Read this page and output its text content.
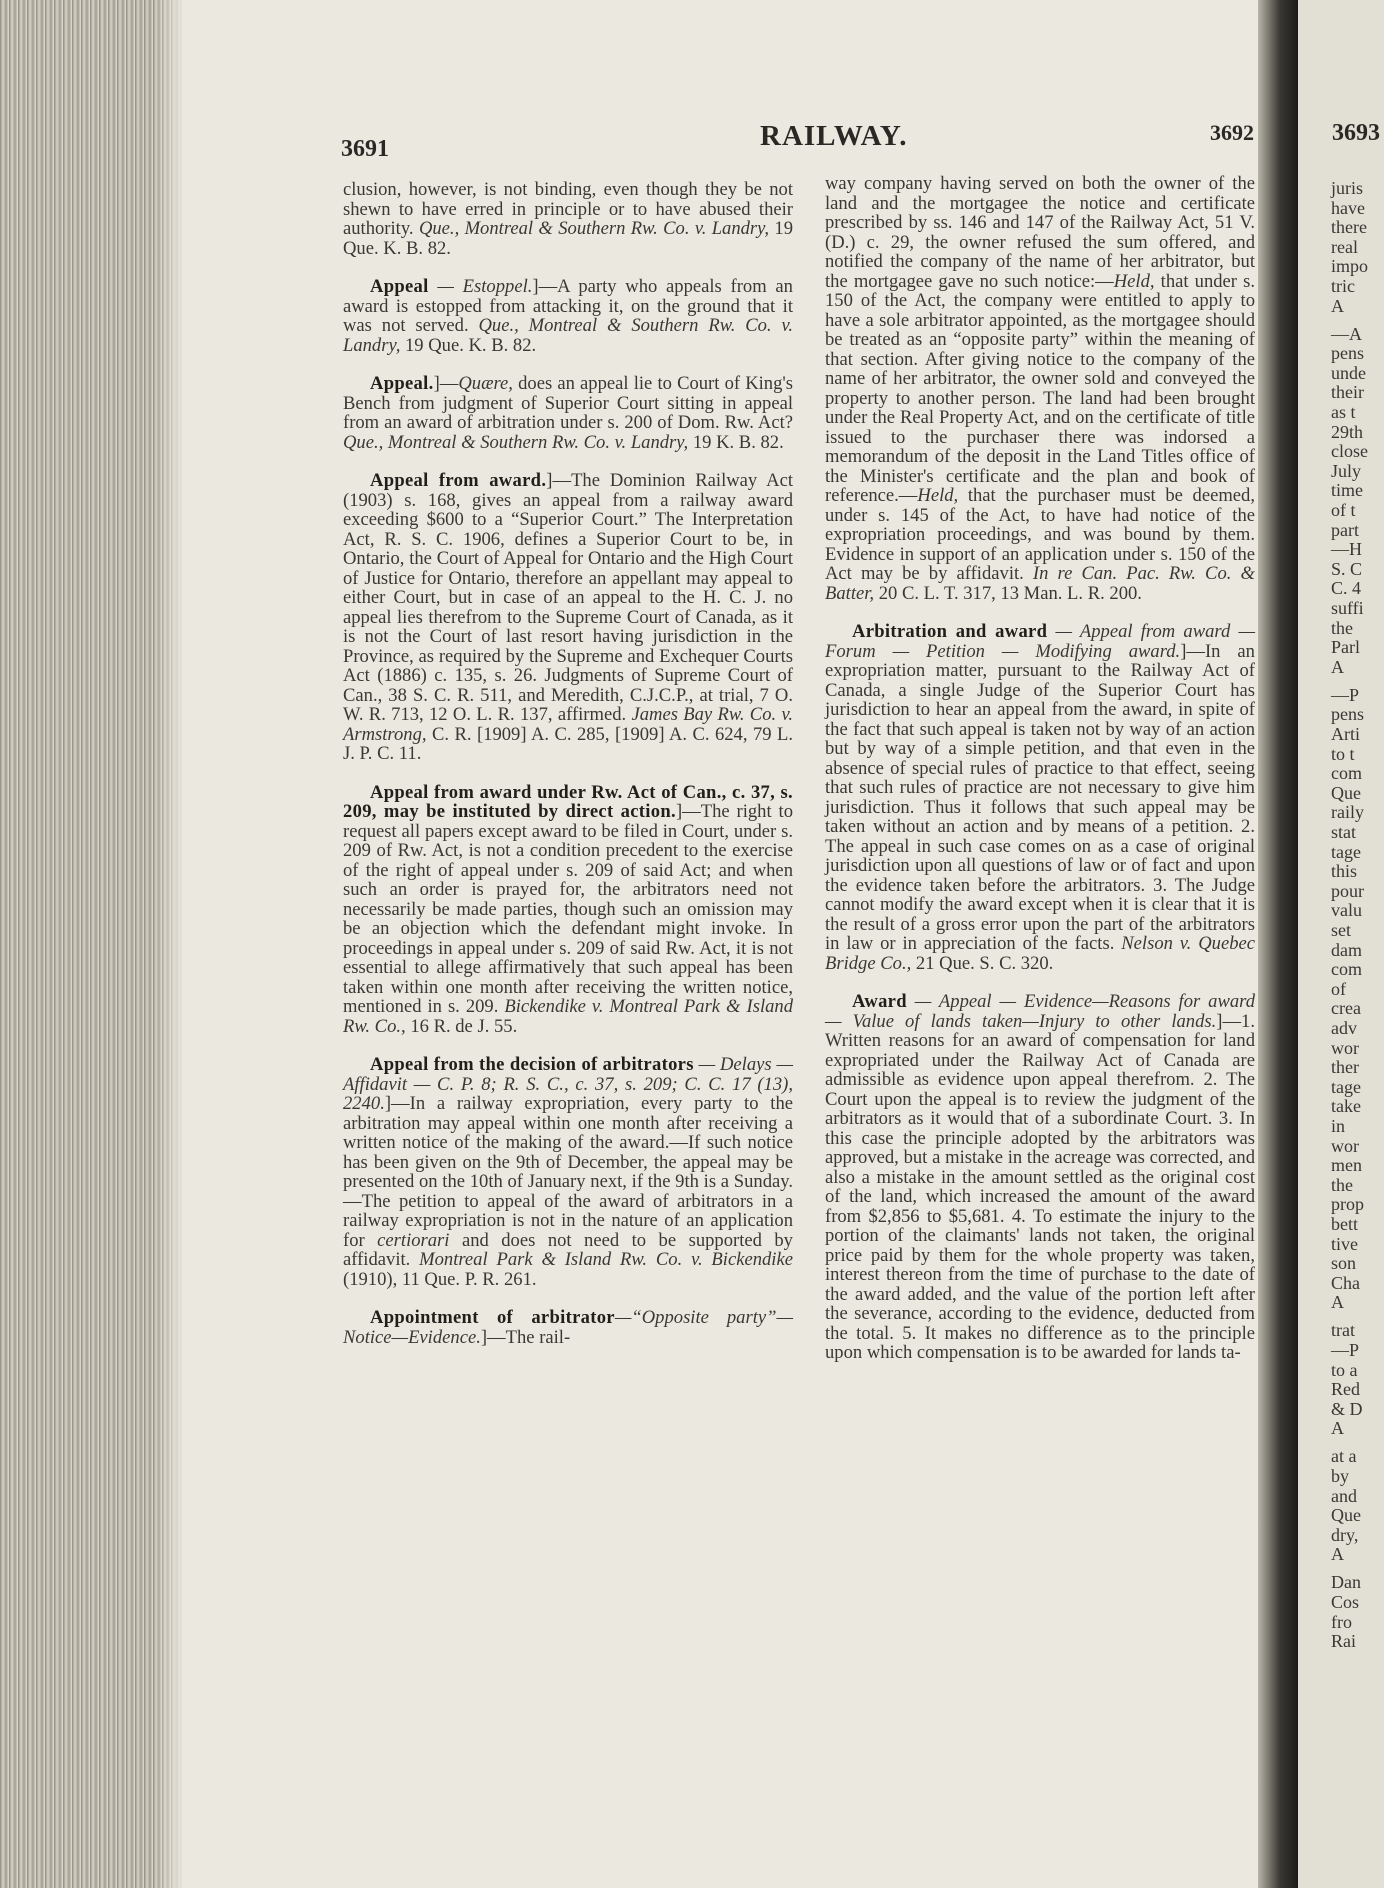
3691	RAILWAY.	3692

clusion, however, is not binding, even though they be not shewn to have erred in principle or to have abused their authority. Que., Montreal & Southern Rw. Co. v. Landry, 19 Que. K. B. 82.

Appeal — Estoppel.]—A party who appeals from an award is estopped from attacking it, on the ground that it was not served. Que., Montreal & Southern Rw. Co. v. Landry, 19 Que. K. B. 82.

Appeal.]—Quære, does an appeal lie to Court of King's Bench from judgment of Superior Court sitting in appeal from an award of arbitration under s. 200 of Dom. Rw. Act? Que., Montreal & Southern Rw. Co. v. Landry, 19 K. B. 82.

Appeal from award.]—The Dominion Railway Act (1903) s. 168, gives an appeal from a railway award exceeding $600 to a “Superior Court.” The Interpretation Act, R. S. C. 1906, defines a Superior Court to be, in Ontario, the Court of Appeal for Ontario and the High Court of Justice for Ontario, therefore an appellant may appeal to either Court, but in case of an appeal to the H. C. J. no appeal lies therefrom to the Supreme Court of Canada, as it is not the Court of last resort having jurisdiction in the Province, as required by the Supreme and Exchequer Courts Act (1886) c. 135, s. 26. Judgments of Supreme Court of Can., 38 S. C. R. 511, and Meredith, C.J.C.P., at trial, 7 O. W. R. 713, 12 O. L. R. 137, affirmed. James Bay Rw. Co. v. Armstrong, C. R. [1909] A. C. 285, [1909] A. C. 624, 79 L. J. P. C. 11.

Appeal from award under Rw. Act of Can., c. 37, s. 209, may be instituted by direct action.]—The right to request all papers except award to be filed in Court, under s. 209 of Rw. Act, is not a condition precedent to the exercise of the right of appeal under s. 209 of said Act; and when such an order is prayed for, the arbitrators need not necessarily be made parties, though such an omission may be an objection which the defendant might invoke. In proceedings in appeal under s. 209 of said Rw. Act, it is not essential to allege affirmatively that such appeal has been taken within one month after receiving the written notice, mentioned in s. 209. Bickendike v. Montreal Park & Island Rw. Co., 16 R. de J. 55.

Appeal from the decision of arbitrators — Delays — Affidavit — C. P. 8; R. S. C., c. 37, s. 209; C. C. 17 (13), 2240.]—In a railway expropriation, every party to the arbitration may appeal within one month after receiving a written notice of the making of the award.—If such notice has been given on the 9th of December, the appeal may be presented on the 10th of January next, if the 9th is a Sunday.—The petition to appeal of the award of arbitrators in a railway expropriation is not in the nature of an application for certiorari and does not need to be supported by affidavit. Montreal Park & Island Rw. Co. v. Bickendike (1910), 11 Que. P. R. 261.

Appointment of arbitrator—“Opposite party”—Notice—Evidence.]—The rail-

way company having served on both the owner of the land and the mortgagee the notice and certificate prescribed by ss. 146 and 147 of the Railway Act, 51 V. (D.) c. 29, the owner refused the sum offered, and notified the company of the name of her arbitrator, but the mortgagee gave no such notice:—Held, that under s. 150 of the Act, the company were entitled to apply to have a sole arbitrator appointed, as the mortgagee should be treated as an “opposite party” within the meaning of that section. After giving notice to the company of the name of her arbitrator, the owner sold and conveyed the property to another person. The land had been brought under the Real Property Act, and on the certificate of title issued to the purchaser there was indorsed a memorandum of the deposit in the Land Titles office of the Minister's certificate and the plan and book of reference.—Held, that the purchaser must be deemed, under s. 145 of the Act, to have had notice of the expropriation proceedings, and was bound by them. Evidence in support of an application under s. 150 of the Act may be by affidavit. In re Can. Pac. Rw. Co. & Batter, 20 C. L. T. 317, 13 Man. L. R. 200.

Arbitration and award — Appeal from award — Forum — Petition — Modifying award.]—In an expropriation matter, pursuant to the Railway Act of Canada, a single Judge of the Superior Court has jurisdiction to hear an appeal from the award, in spite of the fact that such appeal is taken not by way of an action but by way of a simple petition, and that even in the absence of special rules of practice to that effect, seeing that such rules of practice are not necessary to give him jurisdiction. Thus it follows that such appeal may be taken without an action and by means of a petition. 2. The appeal in such case comes on as a case of original jurisdiction upon all questions of law or of fact and upon the evidence taken before the arbitrators. 3. The Judge cannot modify the award except when it is clear that it is the result of a gross error upon the part of the arbitrators in law or in appreciation of the facts. Nelson v. Quebec Bridge Co., 21 Que. S. C. 320.

Award — Appeal — Evidence—Reasons for award — Value of lands taken—Injury to other lands.]—1. Written reasons for an award of compensation for land expropriated under the Railway Act of Canada are admissible as evidence upon appeal therefrom. 2. The Court upon the appeal is to review the judgment of the arbitrators as it would that of a subordinate Court. 3. In this case the principle adopted by the arbitrators was approved, but a mistake in the acreage was corrected, and also a mistake in the amount settled as the original cost of the land, which increased the amount of the award from $2,856 to $5,681. 4. To estimate the injury to the portion of the claimants' lands not taken, the original price paid by them for the whole property was taken, interest thereon from the time of purchase to the date of the award added, and the value of the portion left after the severance, according to the evidence, deducted from the total. 5. It makes no difference as to the principle upon which compensation is to be awarded for lands ta-

3693
juris
have
there
real
impo
tric
A
—A
pens
unde
their
as t
29th
close
July
time
of t
part
—H
S. C
C. 4
suffi
the
Parl
A
—P
pens
Arti
to t
com
Que
raily
stat
tage
this
pour
valu
set
dam
com
of
crea
adv
wor
ther
tage
take
in
wor
men
the
prop
bett
tive
son
Cha
A
trat
—P
to a
Red
& D
A
at a
by
and
Que
dry,
A
Dan
Cos
fro
Rai
